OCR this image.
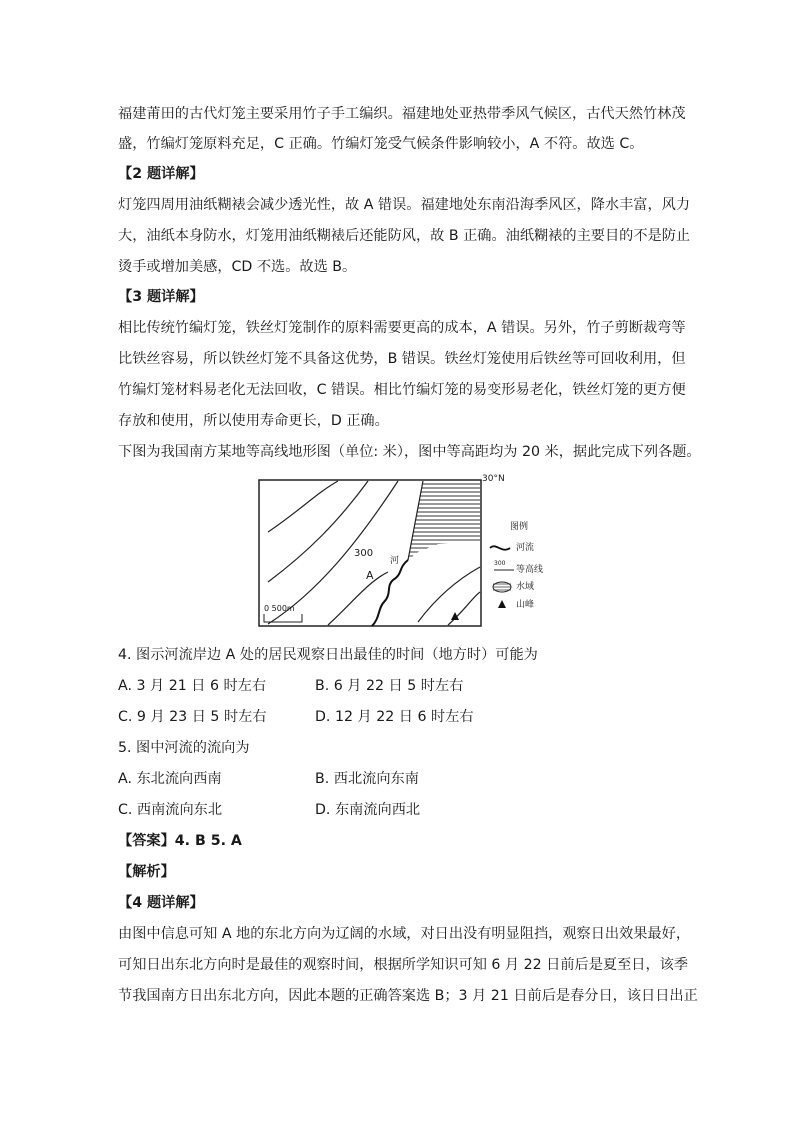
福建莆田的古代灯笼主要采用竹子手工编织。福建地处亚热带季风气候区，古代天然竹林茂
盛，竹编灯笼原料充足，C 正确。竹编灯笼受气候条件影响较小，A 不符。故选 C。
【2 题详解】
灯笼四周用油纸糊裱会减少透光性，故 A 错误。福建地处东南沿海季风区，降水丰富，风力
大，油纸本身防水，灯笼用油纸糊裱后还能防风，故 B 正确。油纸糊裱的主要目的不是防止
烫手或增加美感，CD 不选。故选 B。
【3 题详解】
相比传统竹编灯笼，铁丝灯笼制作的原料需要更高的成本，A 错误。另外，竹子剪断裁弯等
比铁丝容易，所以铁丝灯笼不具备这优势，B 错误。铁丝灯笼使用后铁丝等可回收利用，但
竹编灯笼材料易老化无法回收，C 错误。相比竹编灯笼的易变形易老化，铁丝灯笼的更方便
存放和使用，所以使用寿命更长，D 正确。
下图为我国南方某地等高线地形图（单位: 米），图中等高距均为 20 米，据此完成下列各题。
30°N
300
A
河
0 500m
图例
河流
300
等高线
水域
山峰
4. 图示河流岸边 A 处的居民观察日出最佳的时间（地方时）可能为
A. 3 月 21 日 6 时左右	B. 6 月 22 日 5 时左右
C. 9 月 23 日 5 时左右	D. 12 月 22 日 6 时左右
5. 图中河流的流向为
A. 东北流向西南	B. 西北流向东南
C. 西南流向东北	D. 东南流向西北
【答案】4. B 5. A
【解析】
【4 题详解】
由图中信息可知 A 地的东北方向为辽阔的水域，对日出没有明显阻挡，观察日出效果最好，
可知日出东北方向时是最佳的观察时间，根据所学知识可知 6 月 22 日前后是夏至日，该季
节我国南方日出东北方向，因此本题的正确答案选 B；3 月 21 日前后是春分日，该日日出正
